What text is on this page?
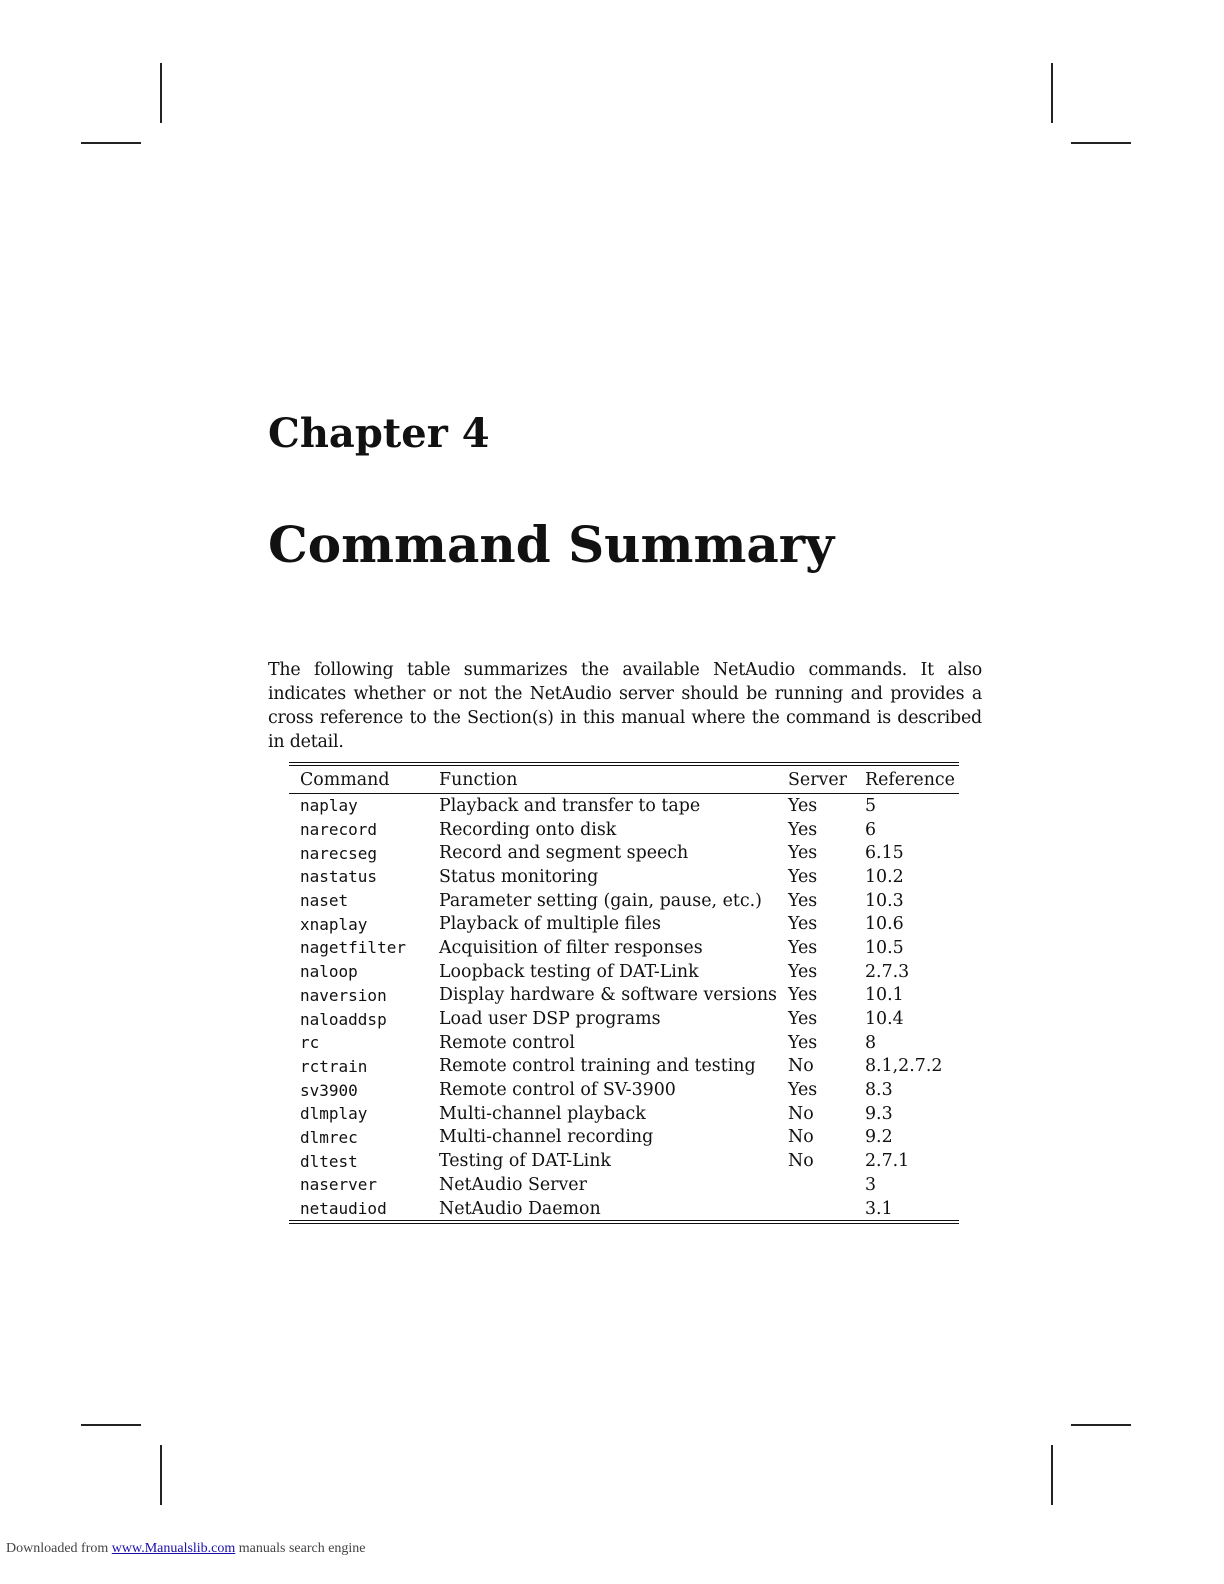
Chapter 4
Command Summary

The following table summarizes the available NetAudio commands. It also indicates whether or not the NetAudio server should be running and provides a cross reference to the Section(s) in this manual where the command is described in detail.

Command	Function	Server	Reference
naplay	Playback and transfer to tape	Yes	5
narecord	Recording onto disk	Yes	6
narecseg	Record and segment speech	Yes	6.15
nastatus	Status monitoring	Yes	10.2
naset	Parameter setting (gain, pause, etc.)	Yes	10.3
xnaplay	Playback of multiple files	Yes	10.6
nagetfilter	Acquisition of filter responses	Yes	10.5
naloop	Loopback testing of DAT-Link	Yes	2.7.3
naversion	Display hardware & software versions	Yes	10.1
naloaddsp	Load user DSP programs	Yes	10.4
rc	Remote control	Yes	8
rctrain	Remote control training and testing	No	8.1,2.7.2
sv3900	Remote control of SV-3900	Yes	8.3
dlmplay	Multi-channel playback	No	9.3
dlmrec	Multi-channel recording	No	9.2
dltest	Testing of DAT-Link	No	2.7.1
naserver	NetAudio Server		3
netaudiod	NetAudio Daemon		3.1
Downloaded from www.Manualslib.com manuals search engine
